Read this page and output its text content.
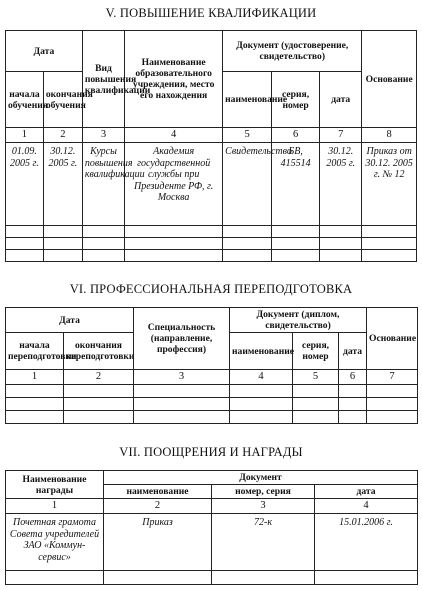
V. ПОВЫШЕНИЕ КВАЛИФИКАЦИИ
Дата		Вид повышения квалификации	Наименование образовательного учреждения, место его нахождения	Документ (удостоверение, свидетельство)			Основание
начала обучения	окончания обучения			наименование	серия, номер	дата	
1	2	3	4	5	6	7	8
01.09. 2005 г.	30.12. 2005 г.	Курсы повышения квалификации	Академия государственной службы при Президенте РФ, г. Москва	Свидетельство	БВ, 415514	30.12. 2005 г.	Приказ от 30.12. 2005 г. № 12

VI. ПРОФЕССИОНАЛЬНАЯ ПЕРЕПОДГОТОВКА
Дата		Специальность (направление, профессия)	Документ (диплом, свидетельство)			Основание
начала переподготовки	окончания переподготовки		наименование	серия, номер	дата	
1	2	3	4	5	6	7

VII. ПООЩРЕНИЯ И НАГРАДЫ
Наименование награды	Документ		
	наименование	номер, серия	дата
1	2	3	4
Почетная грамота Совета учредителей ЗАО «Коммун-сервис»	Приказ	72-к	15.01.2006 г.
